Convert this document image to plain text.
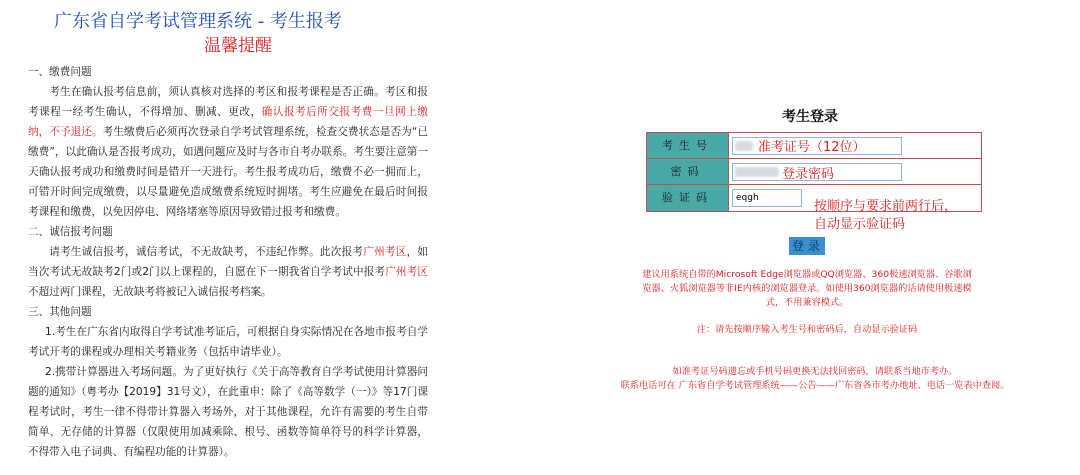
广东省自学考试管理系统 - 考生报考
温馨提醒
一、缴费问题
考生在确认报考信息前，须认真核对选择的考区和报考课程是否正确。考区和报考课程一经考生确认，不得增加、删减、更改，确认报考后所交报考费一旦网上缴纳，不予退还。考生缴费后必须再次登录自学考试管理系统，检查交费状态是否为“已缴费”，以此确认是否报考成功，如遇问题应及时与各市自考办联系。考生要注意第一天确认报考成功和缴费时间是错开一天进行。考生报考成功后，缴费不必一拥而上，可错开时间完成缴费，以尽量避免造成缴费系统短时拥堵。考生应避免在最后时间报考课程和缴费，以免因停电、网络堵塞等原因导致错过报考和缴费。
二、诚信报考问题
请考生诚信报考，诚信考试，不无故缺考，不违纪作弊。此次报考广州考区，如当次考试无故缺考2门或2门以上课程的，自愿在下一期我省自学考试中报考广州考区不超过两门课程，无故缺考将被记入诚信报考档案。
三、其他问题
1.考生在广东省内取得自学考试准考证后，可根据自身实际情况在各地市报考自学考试开考的课程或办理相关考籍业务（包括申请毕业）。
2.携带计算器进入考场问题。为了更好执行《关于高等教育自学考试使用计算器问题的通知》（粤考办【2019】31号文），在此重申：除了《高等数学（一）》等17门课程考试时，考生一律不得带计算器入考场外，对于其他课程，允许有需要的考生自带简单、无存储的计算器（仅限使用加减乘除、根号、函数等简单符号的科学计算器，不得带入电子词典、有编程功能的计算器）。
考生登录
考生号
密码
验证码
eqgh
准考证号（12位）
登录密码
按顺序与要求前两行后，
自动显示验证码
登录
建议用系统自带的Microsoft Edge浏览器或QQ浏览器、360极速浏览器、谷歌浏览器、火狐浏览器等非IE内核的浏览器登录。如使用360浏览器的话请使用极速模式，不用兼容模式。
注：请先按顺序输入考生号和密码后，自动显示验证码
如准考证号码遗忘或手机号码更换无法找回密码，请联系当地市考办。
联系电话可在 广东省自学考试管理系统——公告——广东省各市考办地址、电话一览表中查阅。
